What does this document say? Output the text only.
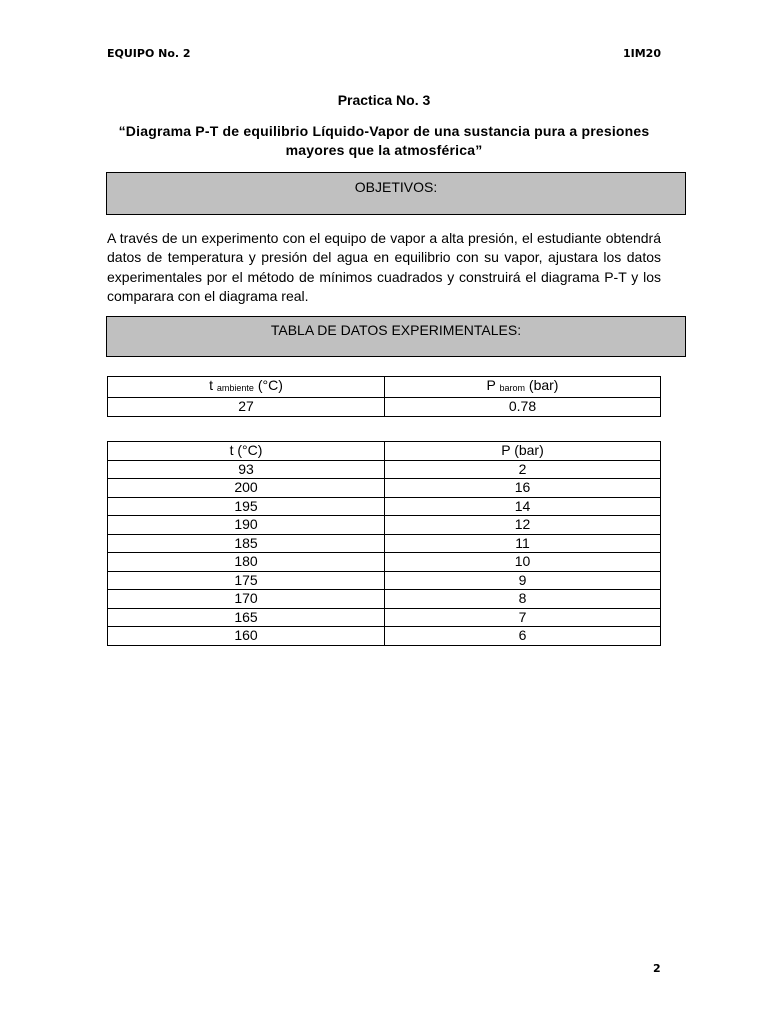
EQUIPO No. 2	1IM20
Practica No. 3
“Diagrama P-T de equilibrio Líquido-Vapor de una sustancia pura a presiones mayores que la atmosférica”
OBJETIVOS:
A través de un experimento con el equipo de vapor a alta presión, el estudiante obtendrá datos de temperatura y presión del agua en equilibrio con su vapor, ajustara los datos experimentales por el método de mínimos cuadrados y construirá el diagrama P-T y los comparara con el diagrama real.
TABLA DE DATOS EXPERIMENTALES:
t $_{ambiente}$ (°C)	P $_{barom}$ (bar)
27	0.78
t (°C)	P (bar)
93	2
200	16
195	14
190	12
185	11
180	10
175	9
170	8
165	7
160	6
2
